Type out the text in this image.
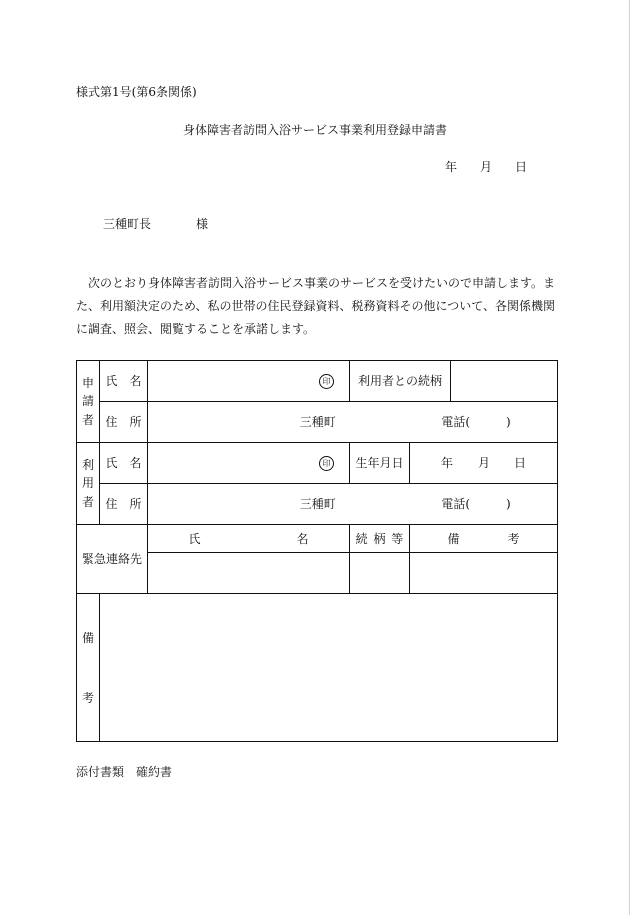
様式第1号(第6条関係)
身体障害者訪問入浴サービス事業利用登録申請書
年 月 日
三種町長	様
次のとおり身体障害者訪問入浴サービス事業のサービスを受けたいので申請します。ま
た、利用額決定のため、私の世帯の住民登録資料、税務資料その他について、各関係機関
に調査、照会、閲覧することを承諾します。
申請者	氏　名	印	利用者との続柄		
	住　所	三種町 電話(　　　)			

利用者	氏　名	印	生年月日	年 月 日	
	住　所	三種町 電話(　　　)			
緊急連絡先		氏　　　　　　　　名	続 柄 等	備　　　　考	

備考					

添付書類　確約書
